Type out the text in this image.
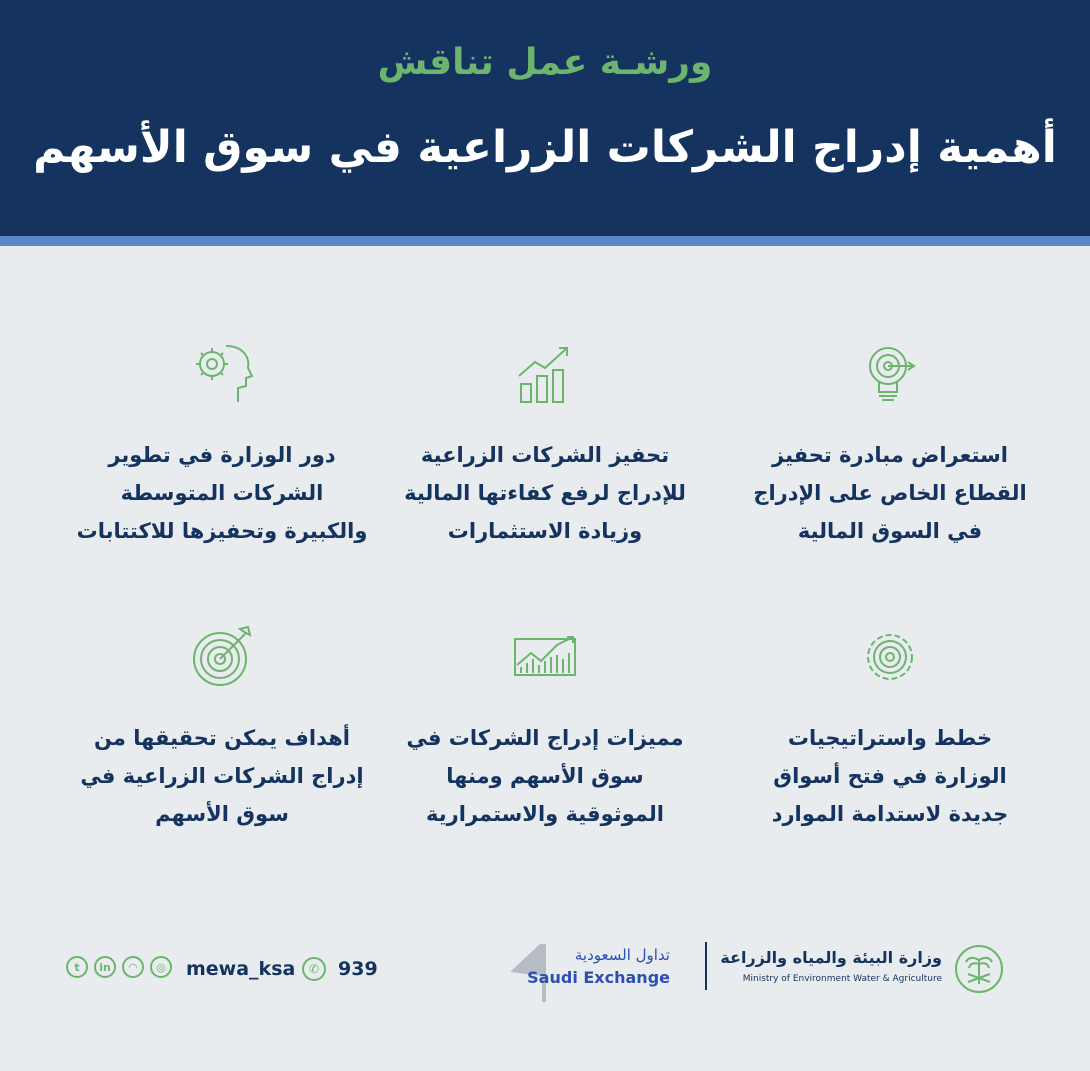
ورشـة عمل تناقش
أهمية إدراج الشركات الزراعية في سوق الأسهم
استعراض مبادرة تحفيز
القطاع الخاص على الإدراج
في السوق المالية
تحفيز الشركات الزراعية
للإدراج لرفع كفاءتها المالية
وزيادة الاستثمارات
دور الوزارة في تطوير
الشركات المتوسطة
والكبيرة وتحفيزها للاكتتابات
خطط واستراتيجيات
الوزارة في فتح أسواق
جديدة لاستدامة الموارد
مميزات إدراج الشركات في
سوق الأسهم ومنها
الموثوقية والاستمرارية
أهداف يمكن تحقيقها من
إدراج الشركات الزراعية في
سوق الأسهم
t	in	◠	◎	mewa_ksa	✆ 939
تداول السعودية
Saudi Exchange
وزارة البيئة والمياه والزراعة
Ministry of Environment Water & Agriculture
